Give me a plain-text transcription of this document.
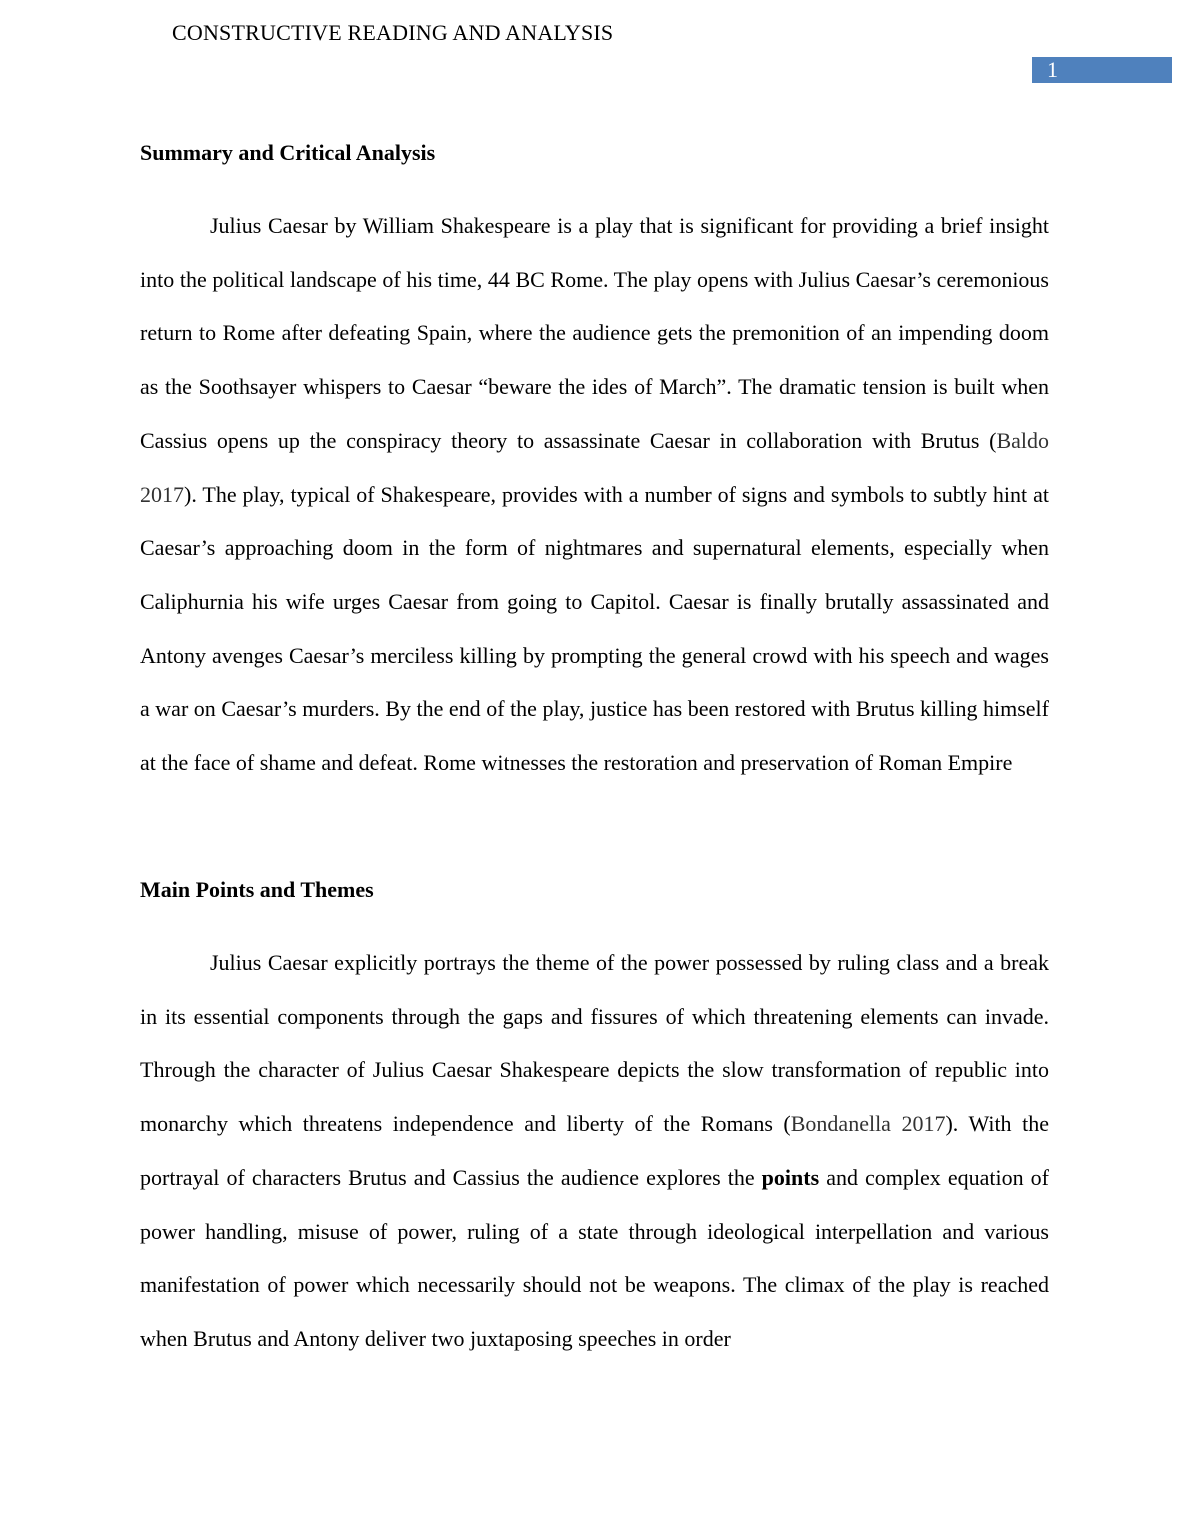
CONSTRUCTIVE READING AND ANALYSIS
1
Summary and Critical Analysis

Julius Caesar by William Shakespeare is a play that is significant for providing a brief insight into the political landscape of his time, 44 BC Rome. The play opens with Julius Caesar’s ceremonious return to Rome after defeating Spain, where the audience gets the premonition of an impending doom as the Soothsayer whispers to Caesar “beware the ides of March”. The dramatic tension is built when Cassius opens up the conspiracy theory to assassinate Caesar in collaboration with Brutus (Baldo 2017). The play, typical of Shakespeare, provides with a number of signs and symbols to subtly hint at Caesar’s approaching doom in the form of nightmares and supernatural elements, especially when Caliphurnia his wife urges Caesar from going to Capitol. Caesar is finally brutally assassinated and Antony avenges Caesar’s merciless killing by prompting the general crowd with his speech and wages a war on Caesar’s murders. By the end of the play, justice has been restored with Brutus killing himself at the face of shame and defeat. Rome witnesses the restoration and preservation of Roman Empire

Main Points and Themes

Julius Caesar explicitly portrays the theme of the power possessed by ruling class and a break in its essential components through the gaps and fissures of which threatening elements can invade. Through the character of Julius Caesar Shakespeare depicts the slow transformation of republic into monarchy which threatens independence and liberty of the Romans (Bondanella 2017). With the portrayal of characters Brutus and Cassius the audience explores the points and complex equation of power handling, misuse of power, ruling of a state through ideological interpellation and various manifestation of power which necessarily should not be weapons. The climax of the play is reached when Brutus and Antony deliver two juxtaposing speeches in order
